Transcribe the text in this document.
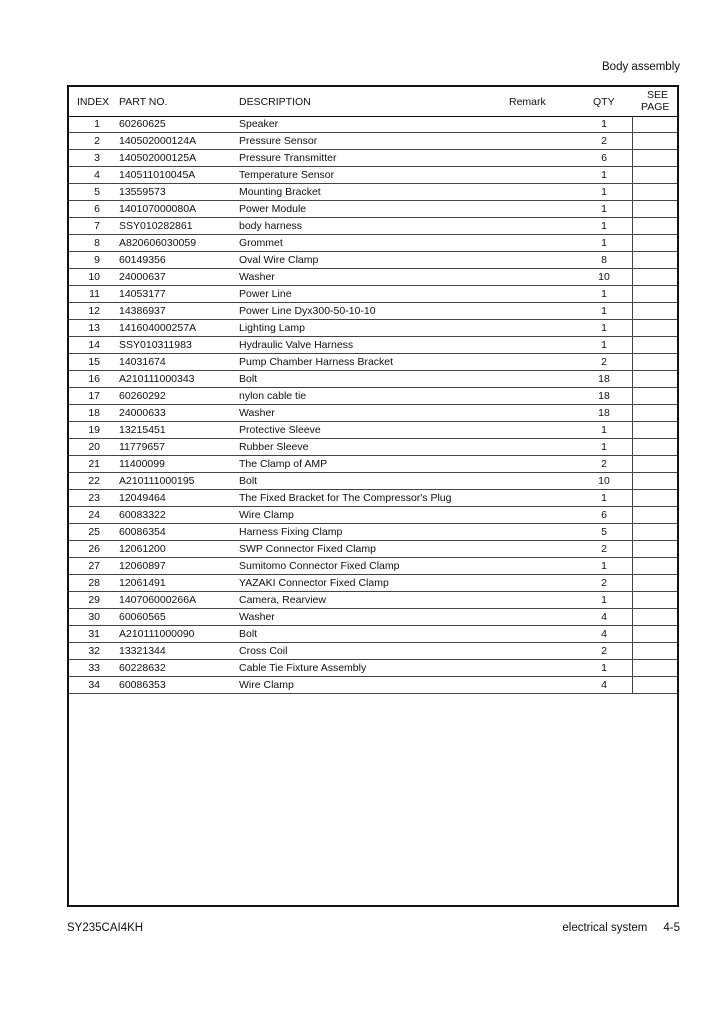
Body assembly
INDEX PART NO.	DESCRIPTION	Remark	QTY
SEE
PAGE
1 60260625	Speaker	1
2 140502000124A	Pressure Sensor	2
3 140502000125A	Pressure Transmitter	6
4 140511010045A	Temperature Sensor	1
5 13559573	Mounting Bracket	1
6 140107000080A	Power Module	1
7 SSY010282861	body harness	1
8 A820606030059	Grommet	1
9 60149356	Oval Wire Clamp	8
10 24000637	Washer	10
11 14053177	Power Line	1
12 14386937	Power Line Dyx300-50-10-10	1
13 141604000257A	Lighting Lamp	1
14 SSY010311983	Hydraulic Valve Harness	1
15 14031674	Pump Chamber Harness Bracket	2
16 A210111000343	Bolt	18
17 60260292	nylon cable tie	18
18 24000633	Washer	18
19 13215451	Protective Sleeve	1
20 11779657	Rubber Sleeve	1
21 11400099	The Clamp of AMP	2
22 A210111000195	Bolt	10
23 12049464	The Fixed Bracket for The Compressor's Plug	1
24 60083322	Wire Clamp	6
25 60086354	Harness Fixing Clamp	5
26 12061200	SWP Connector Fixed Clamp	2
27 12060897	Sumitomo Connector Fixed Clamp	1
28 12061491	YAZAKI Connector Fixed Clamp	2
29 140706000266A	Camera, Rearview	1
30 60060565	Washer	4
31 A210111000090	Bolt	4
32 13321344	Cross Coil	2
33 60228632	Cable Tie Fixture Assembly	1
34 60086353	Wire Clamp	4
SY235CAI4KH	electrical system 4-5
